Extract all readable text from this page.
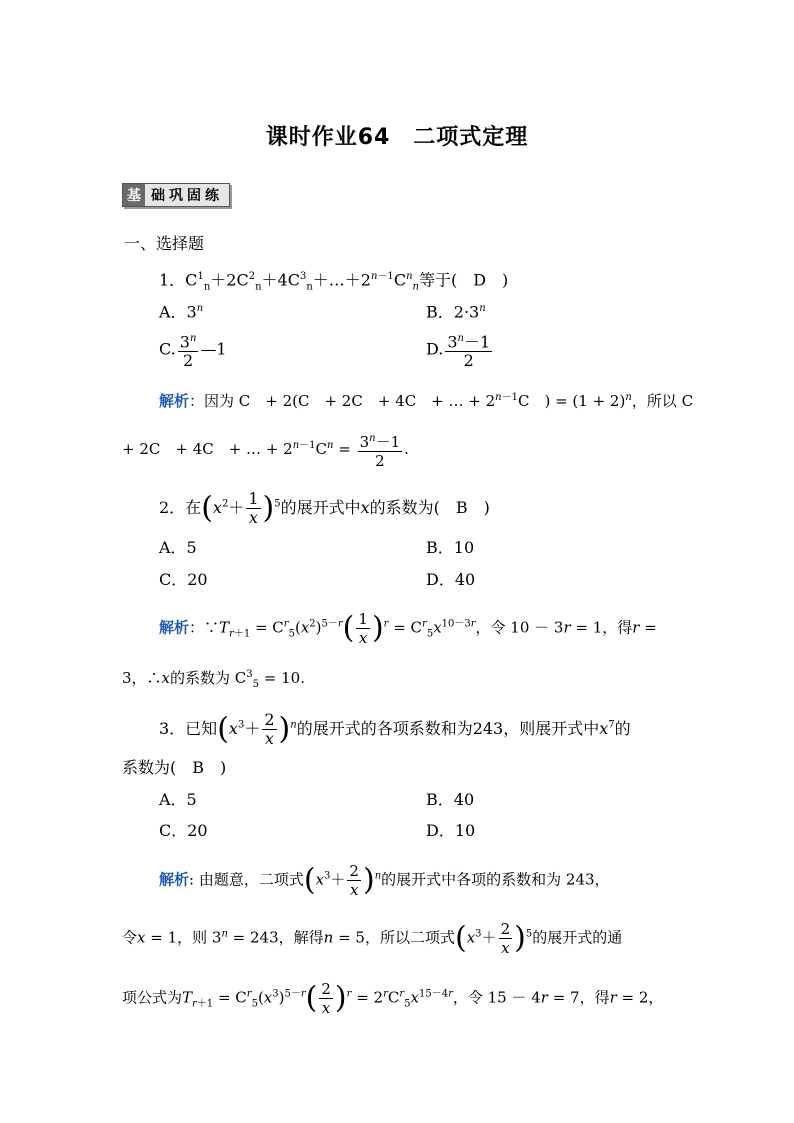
课时作业64　二项式定理
基 础巩固练
一、选择题
1．$C^1_n+2C^2_n+4C^3_n+\dots+2^{n-1}C^n_n$等于(　D　)
A．3$^n$	B．$2\cdot 3^n$
C. $\frac{3^n}{2}$ —1	D. $\frac{3^n-1}{2}$
解析：因为 C　+ 2(C　+ 2C　+ 4C　+ … + $2^{n-1}C$　) = $(1 + 2)^n$，所以 C
+ 2C　+ 4C　+ … + $2^{n-1}C^n = \frac{3^n-1}{2}$ .
2．在$(x^2+ \frac{1}{x} )^5$的展开式中x的系数为(　B　)
A．5	B．10
C．20	D．40
解析：$\because T_{r+1} = C^r_5(x^2)^{5-r}( \frac{1}{x} )^r = C^r_5x^{10-3r}$，令 10 － 3r = 1，得r =
3，∴x的系数为 $C^3_5 = 10$.
3．已知$(x^3+ \frac{2}{x} )^n$的展开式的各项系数和为243，则展开式中$x^7$的
系数为(　B　)
A．5	B．40
C．20	D．10
解析: 由题意，二项式$(x^3+ \frac{2}{x} )^n$的展开式中各项的系数和为 243，
令x = 1，则 $3^n = 243$，解得n = 5，所以二项式$(x^3+ \frac{2}{x} )^5$的展开式的通
项公式为$T_{r+1} = C^r_5(x^3)^{5-r}( \frac{2}{x} )^r = 2^rC^r_5x^{15-4r}$，令 15 － 4r = 7，得r = 2，
